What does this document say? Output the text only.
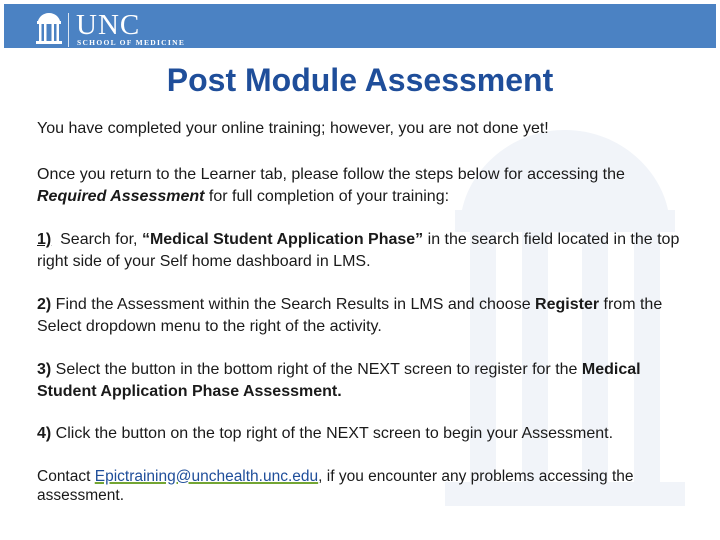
UNC
SCHOOL OF MEDICINE
Post Module Assessment

You have completed your online training; however, you are not done yet!

Once you return to the Learner tab, please follow the steps below for accessing the Required Assessment for full completion of your training:

1)  Search for, “Medical Student Application Phase” in the search field located in the top right side of your Self home dashboard in LMS.

2) Find the Assessment within the Search Results in LMS and choose Register from the Select dropdown menu to the right of the activity.

3) Select the button in the bottom right of the NEXT screen to register for the Medical Student Application Phase Assessment.

4) Click the button on the top right of the NEXT screen to begin your Assessment.

Contact Epictraining@unchealth.unc.edu, if you encounter any problems accessing the assessment.
